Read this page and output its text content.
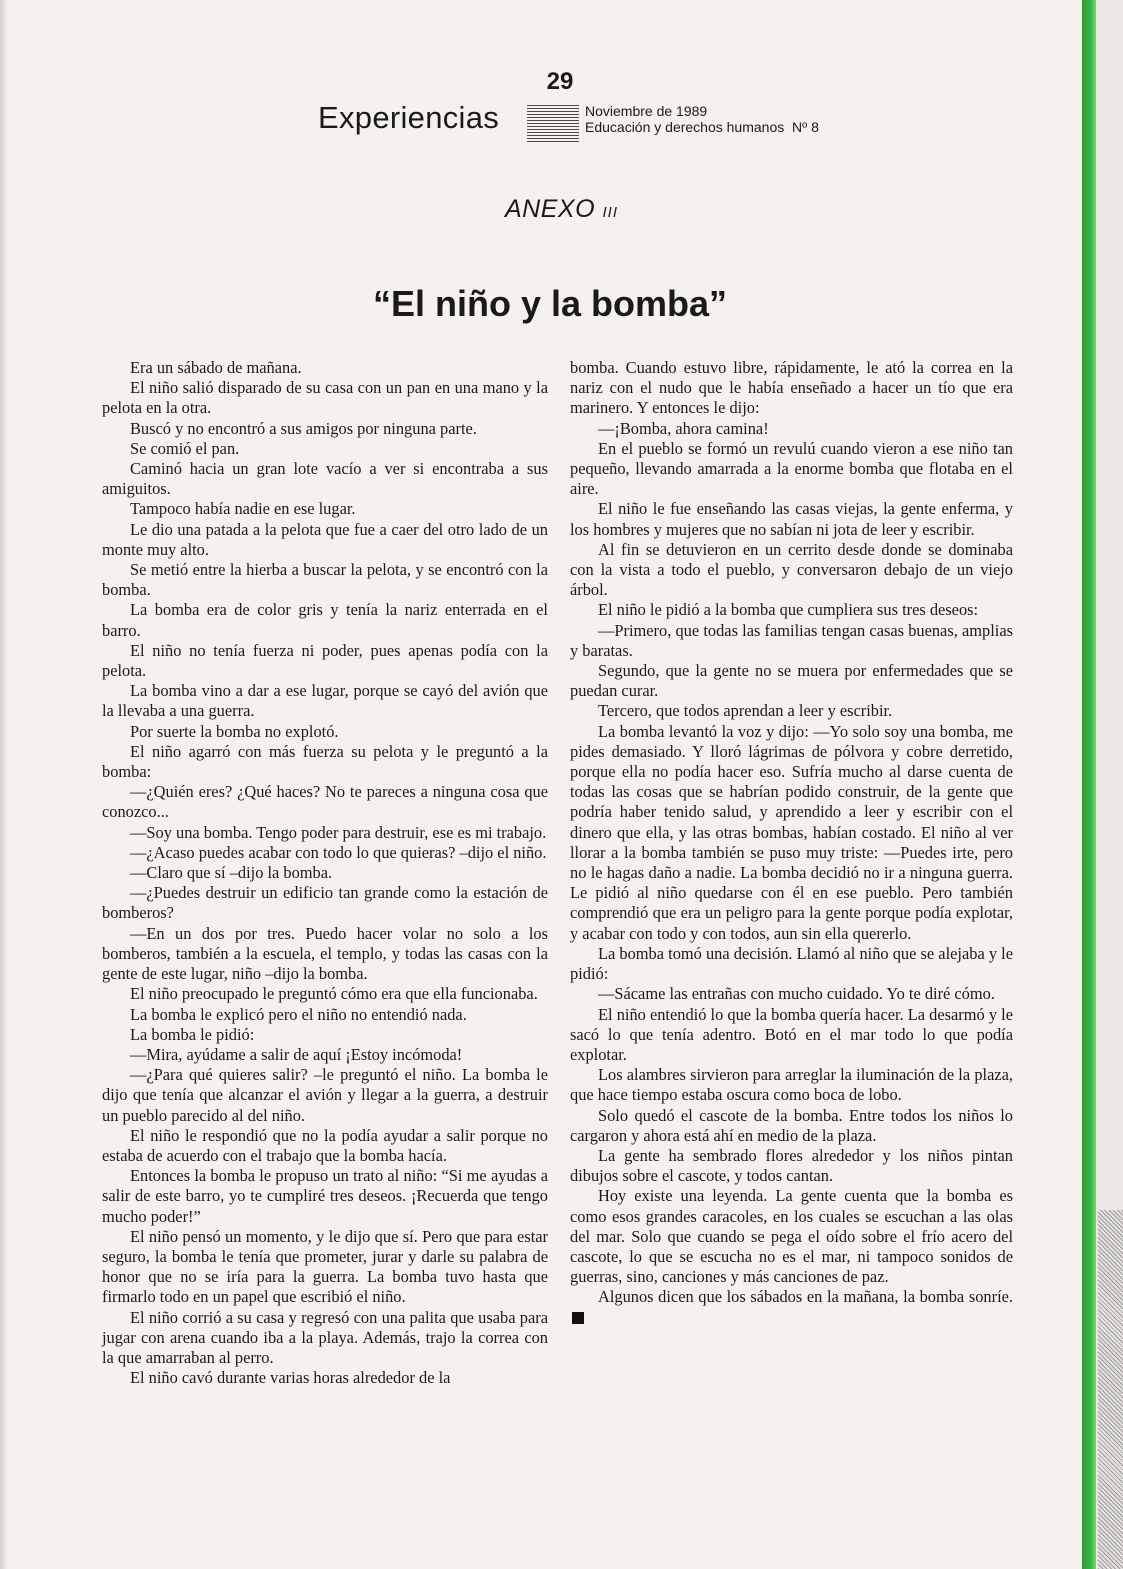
29
Experiencias	Noviembre de 1989
Educación y derechos humanos  Nº 8
ANEXO III
“El niño y la bomba”

Era un sábado de mañana.

El niño salió disparado de su casa con un pan en una mano y la pelota en la otra.

Buscó y no encontró a sus amigos por ninguna parte.

Se comió el pan.

Caminó hacia un gran lote vacío a ver si encontraba a sus amiguitos.

Tampoco había nadie en ese lugar.

Le dio una patada a la pelota que fue a caer del otro lado de un monte muy alto.

Se metió entre la hierba a buscar la pelota, y se encontró con la bomba.

La bomba era de color gris y tenía la nariz enterrada en el barro.

El niño no tenía fuerza ni poder, pues apenas podía con la pelota.

La bomba vino a dar a ese lugar, porque se cayó del avión que la llevaba a una guerra.

Por suerte la bomba no explotó.

El niño agarró con más fuerza su pelota y le preguntó a la bomba:

—¿Quién eres? ¿Qué haces? No te pareces a ninguna cosa que conozco...

—Soy una bomba. Tengo poder para destruir, ese es mi trabajo.

—¿Acaso puedes acabar con todo lo que quieras? –dijo el niño.

—Claro que sí –dijo la bomba.

—¿Puedes destruir un edificio tan grande como la estación de bomberos?

—En un dos por tres. Puedo hacer volar no solo a los bomberos, también a la escuela, el templo, y todas las casas con la gente de este lugar, niño –dijo la bomba.

El niño preocupado le preguntó cómo era que ella funcionaba.

La bomba le explicó pero el niño no entendió nada.

La bomba le pidió:

—Mira, ayúdame a salir de aquí ¡Estoy incómoda!

—¿Para qué quieres salir? –le preguntó el niño. La bomba le dijo que tenía que alcanzar el avión y llegar a la guerra, a destruir un pueblo parecido al del niño.

El niño le respondió que no la podía ayudar a salir porque no estaba de acuerdo con el trabajo que la bomba hacía.

Entonces la bomba le propuso un trato al niño: “Si me ayudas a salir de este barro, yo te cumpliré tres deseos. ¡Recuerda que tengo mucho poder!”

El niño pensó un momento, y le dijo que sí. Pero que para estar seguro, la bomba le tenía que prometer, jurar y darle su palabra de honor que no se iría para la guerra. La bomba tuvo hasta que firmarlo todo en un papel que escribió el niño.

El niño corrió a su casa y regresó con una palita que usaba para jugar con arena cuando iba a la playa. Además, trajo la correa con la que amarraban al perro.

El niño cavó durante varias horas alrededor de la

bomba. Cuando estuvo libre, rápidamente, le ató la correa en la nariz con el nudo que le había enseñado a hacer un tío que era marinero. Y entonces le dijo:

—¡Bomba, ahora camina!

En el pueblo se formó un revulú cuando vieron a ese niño tan pequeño, llevando amarrada a la enorme bomba que flotaba en el aire.

El niño le fue enseñando las casas viejas, la gente enferma, y los hombres y mujeres que no sabían ni jota de leer y escribir.

Al fin se detuvieron en un cerrito desde donde se dominaba con la vista a todo el pueblo, y conversaron debajo de un viejo árbol.

El niño le pidió a la bomba que cumpliera sus tres deseos:

—Primero, que todas las familias tengan casas buenas, amplias y baratas.

Segundo, que la gente no se muera por enfermedades que se puedan curar.

Tercero, que todos aprendan a leer y escribir.

La bomba levantó la voz y dijo: —Yo solo soy una bomba, me pides demasiado. Y lloró lágrimas de pólvora y cobre derretido, porque ella no podía hacer eso. Sufría mucho al darse cuenta de todas las cosas que se habrían podido construir, de la gente que podría haber tenido salud, y aprendido a leer y escribir con el dinero que ella, y las otras bombas, habían costado. El niño al ver llorar a la bomba también se puso muy triste: —Puedes irte, pero no le hagas daño a nadie. La bomba decidió no ir a ninguna guerra. Le pidió al niño quedarse con él en ese pueblo. Pero también comprendió que era un peligro para la gente porque podía explotar, y acabar con todo y con todos, aun sin ella quererlo.

La bomba tomó una decisión. Llamó al niño que se alejaba y le pidió:

—Sácame las entrañas con mucho cuidado. Yo te diré cómo.

El niño entendió lo que la bomba quería hacer. La desarmó y le sacó lo que tenía adentro. Botó en el mar todo lo que podía explotar.

Los alambres sirvieron para arreglar la iluminación de la plaza, que hace tiempo estaba oscura como boca de lobo.

Solo quedó el cascote de la bomba. Entre todos los niños lo cargaron y ahora está ahí en medio de la plaza.

La gente ha sembrado flores alrededor y los niños pintan dibujos sobre el cascote, y todos cantan.

Hoy existe una leyenda. La gente cuenta que la bomba es como esos grandes caracoles, en los cuales se escuchan a las olas del mar. Solo que cuando se pega el oído sobre el frío acero del cascote, lo que se escucha no es el mar, ni tampoco sonidos de guerras, sino, canciones y más canciones de paz.

Algunos dicen que los sábados en la mañana, la bomba sonríe.
